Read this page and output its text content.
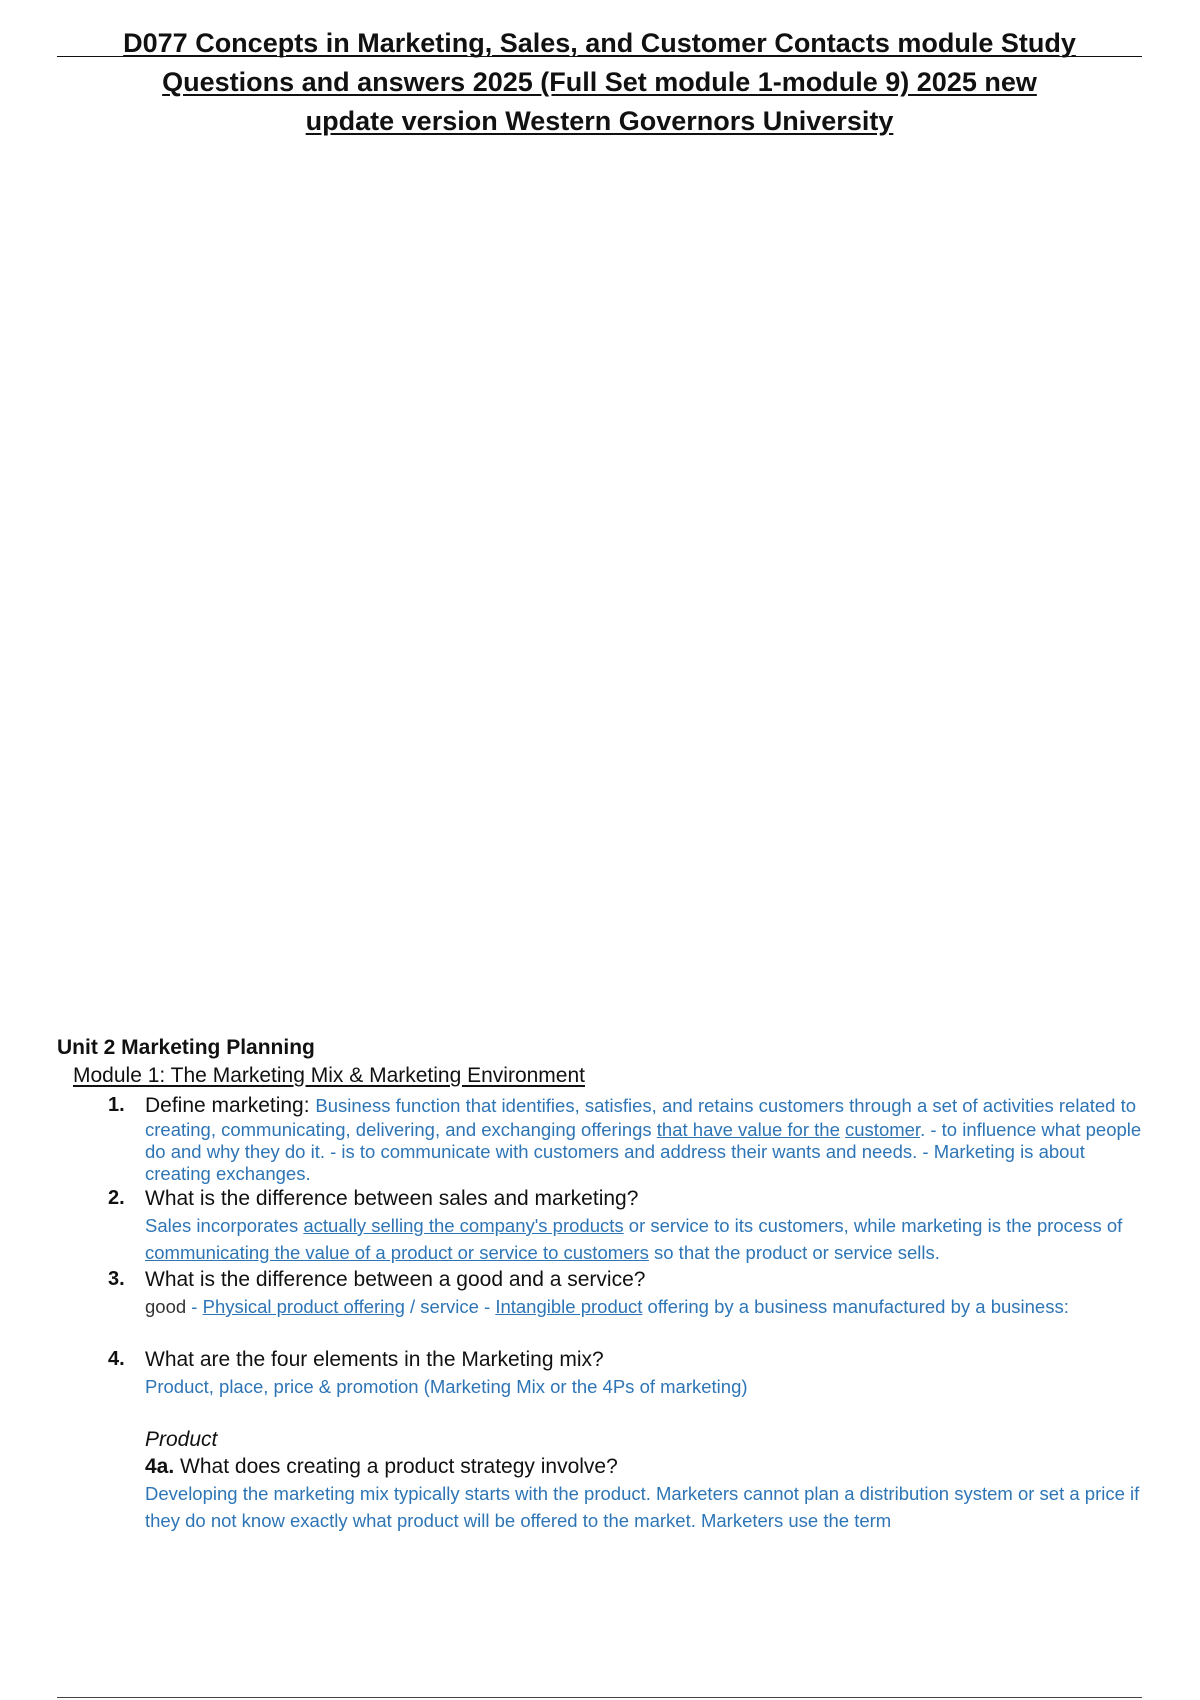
D077 Concepts in Marketing, Sales, and Customer Contacts module Study
Questions and answers 2025 (Full Set module 1-module 9) 2025 new
update version Western Governors University
Unit 2 Marketing Planning
Module 1: The Marketing Mix & Marketing Environment
1. Define marketing: Business function that identifies, satisfies, and retains customers through a set of activities related to creating, communicating, delivering, and exchanging offerings that have value for the customer. - to influence what people do and why they do it. - is to communicate with customers and address their wants and needs. - Marketing is about creating exchanges.
2. What is the difference between sales and marketing?
Sales incorporates actually selling the company's products or service to its customers, while marketing is the process of communicating the value of a product or service to customers so that the product or service sells.
3. What is the difference between a good and a service?
good - Physical product offering / service - Intangible product offering by a business manufactured by a business:
4. What are the four elements in the Marketing mix?
Product, place, price & promotion (Marketing Mix or the 4Ps of marketing)
Product
4a. What does creating a product strategy involve?
Developing the marketing mix typically starts with the product. Marketers cannot plan a distribution system or set a price if they do not know exactly what product will be offered to the market. Marketers use the term
